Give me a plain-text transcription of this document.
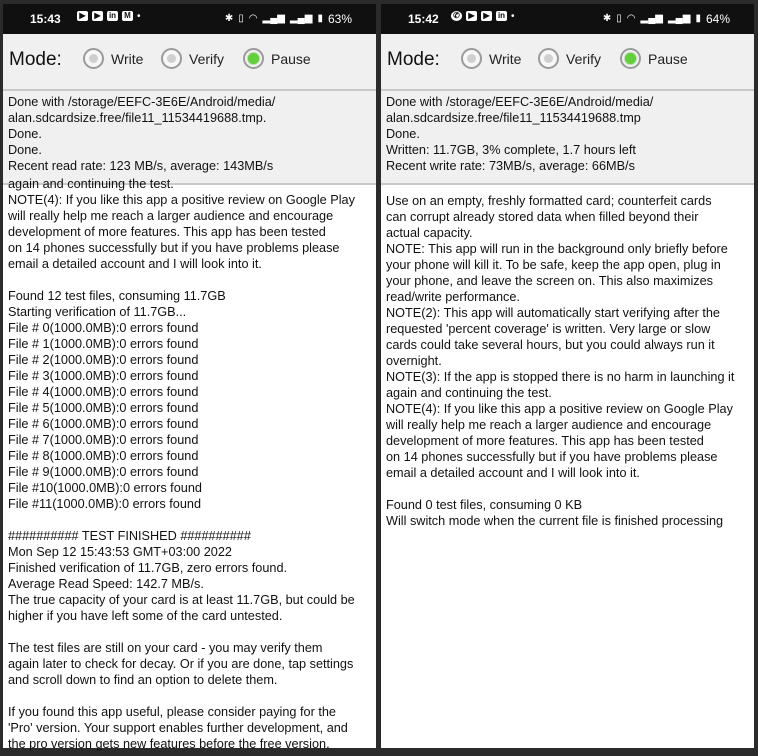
15:43	▶	▶	in M •	✱ ▯ ◠ ▂▄▆ ▂▄▆ ▮ 63%
Mode:	Write	Verify	Pause
Done with /storage/EEFC-3E6E/Android/media/
alan.sdcardsize.free/file11_11534419688.tmp.
Done.
Done.
Recent read rate: 123 MB/s, average: 143MB/s
again and continuing the test.
NOTE(4): If you like this app a positive review on Google Play
will really help me reach a larger audience and encourage
development of more features. This app has been tested
on 14 phones successfully but if you have problems please
email a detailed account and I will look into it.
Found 12 test files, consuming 11.7GB
Starting verification of 11.7GB...
File # 0(1000.0MB):0 errors found
File # 1(1000.0MB):0 errors found
File # 2(1000.0MB):0 errors found
File # 3(1000.0MB):0 errors found
File # 4(1000.0MB):0 errors found
File # 5(1000.0MB):0 errors found
File # 6(1000.0MB):0 errors found
File # 7(1000.0MB):0 errors found
File # 8(1000.0MB):0 errors found
File # 9(1000.0MB):0 errors found
File #10(1000.0MB):0 errors found
File #11(1000.0MB):0 errors found
########## TEST FINISHED ##########
Mon Sep 12 15:43:53 GMT+03:00 2022
Finished verification of 11.7GB, zero errors found.
Average Read Speed: 142.7 MB/s.
The true capacity of your card is at least 11.7GB, but could be
higher if you have left some of the card untested.
The test files are still on your card - you may verify them
again later to check for decay. Or if you are done, tap settings
and scroll down to find an option to delete them.
If you found this app useful, please consider paying for the
'Pro' version. Your support enables further development, and
the pro version gets new features before the free version.
15:42 ✆	▶	▶	in •	✱ ▯ ◠ ▂▄▆ ▂▄▆ ▮ 64%
Mode:	Write	Verify	Pause
Done with /storage/EEFC-3E6E/Android/media/
alan.sdcardsize.free/file11_11534419688.tmp
Done.
Written: 11.7GB, 3% complete, 1.7 hours left
Recent write rate: 73MB/s, average: 66MB/s
Use on an empty, freshly formatted card; counterfeit cards
can corrupt already stored data when filled beyond their
actual capacity.
NOTE: This app will run in the background only briefly before
your phone will kill it. To be safe, keep the app open, plug in
your phone, and leave the screen on. This also maximizes
read/write performance.
NOTE(2): This app will automatically start verifying after the
requested 'percent coverage' is written. Very large or slow
cards could take several hours, but you could always run it
overnight.
NOTE(3): If the app is stopped there is no harm in launching it
again and continuing the test.
NOTE(4): If you like this app a positive review on Google Play
will really help me reach a larger audience and encourage
development of more features. This app has been tested
on 14 phones successfully but if you have problems please
email a detailed account and I will look into it.
Found 0 test files, consuming 0 KB
Will switch mode when the current file is finished processing
